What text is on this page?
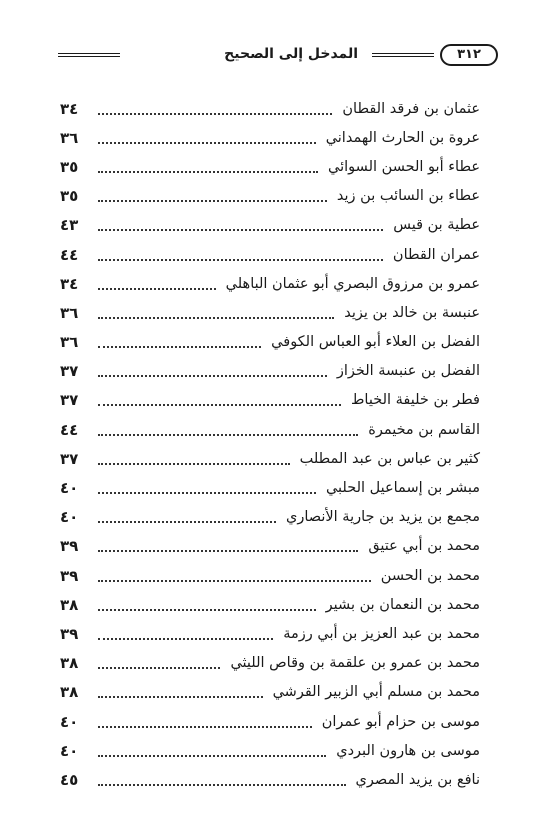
٣١٢
المدخل إلى الصحيح
عثمان بن فرقد القطان
٣٤
عروة بن الحارث الهمداني
٣٦
عطاء أبو الحسن السوائي
٣٥
عطاء بن السائب بن زيد
٣٥
عطية بن قيس
٤٣
عمران القطان
٤٤
عمرو بن مرزوق البصري أبو عثمان الباهلي
٣٤
عنبسة بن خالد بن يزيد
٣٦
الفضل بن العلاء أبو العباس الكوفي
٣٦
الفضل بن عنبسة الخزاز
٣٧
فطر بن خليفة الخياط
٣٧
القاسم بن مخيمرة
٤٤
كثير بن عباس بن عبد المطلب
٣٧
مبشر بن إسماعيل الحلبي
٤٠
مجمع بن يزيد بن جارية الأنصاري
٤٠
محمد بن أبي عتيق
٣٩
محمد بن الحسن
٣٩
محمد بن النعمان بن بشير
٣٨
محمد بن عبد العزيز بن أبي رزمة
٣٩
محمد بن عمرو بن علقمة بن وقاص الليثي
٣٨
محمد بن مسلم أبي الزبير القرشي
٣٨
موسى بن حزام أبو عمران
٤٠
موسى بن هارون البردي
٤٠
نافع بن يزيد المصري
٤٥
